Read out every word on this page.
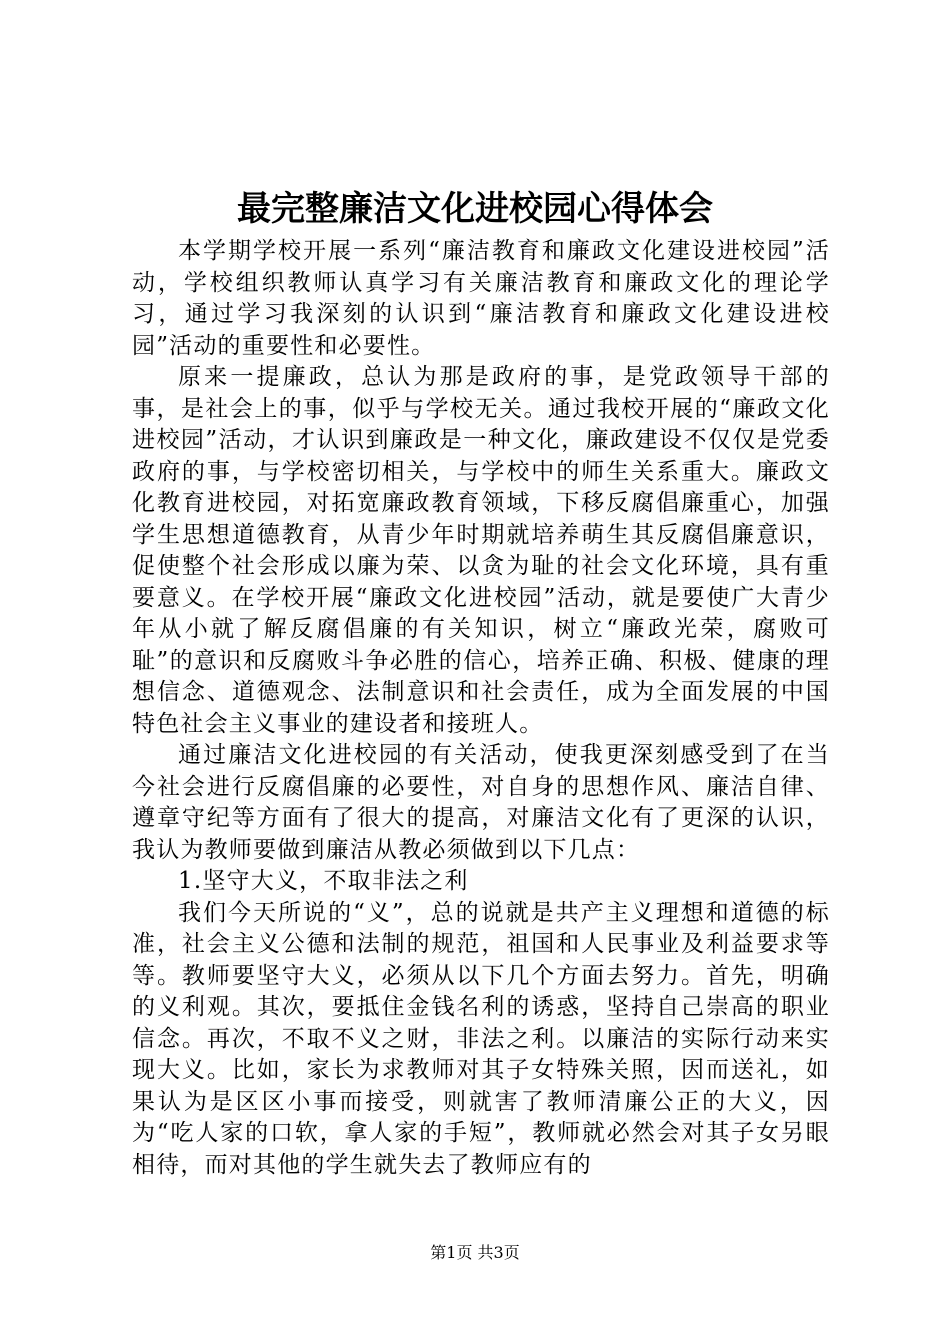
最完整廉洁文化进校园心得体会

本学期学校开展一系列“廉洁教育和廉政文化建设进校园”活动，学校组织教师认真学习有关廉洁教育和廉政文化的理论学习，通过学习我深刻的认识到“廉洁教育和廉政文化建设进校园”活动的重要性和必要性。

原来一提廉政，总认为那是政府的事，是党政领导干部的事，是社会上的事，似乎与学校无关。通过我校开展的“廉政文化进校园”活动，才认识到廉政是一种文化，廉政建设不仅仅是党委政府的事，与学校密切相关，与学校中的师生关系重大。廉政文化教育进校园，对拓宽廉政教育领域，下移反腐倡廉重心，加强学生思想道德教育，从青少年时期就培养萌生其反腐倡廉意识，促使整个社会形成以廉为荣、以贪为耻的社会文化环境，具有重要意义。在学校开展“廉政文化进校园”活动，就是要使广大青少年从小就了解反腐倡廉的有关知识，树立“廉政光荣，腐败可耻”的意识和反腐败斗争必胜的信心，培养正确、积极、健康的理想信念、道德观念、法制意识和社会责任，成为全面发展的中国特色社会主义事业的建设者和接班人。

通过廉洁文化进校园的有关活动，使我更深刻感受到了在当今社会进行反腐倡廉的必要性，对自身的思想作风、廉洁自律、遵章守纪等方面有了很大的提高，对廉洁文化有了更深的认识，我认为教师要做到廉洁从教必须做到以下几点：

1.坚守大义，不取非法之利

我们今天所说的“义”，总的说就是共产主义理想和道德的标准，社会主义公德和法制的规范，祖国和人民事业及利益要求等等。教师要坚守大义，必须从以下几个方面去努力。首先，明确的义利观。其次，要抵住金钱名利的诱惑，坚持自己崇高的职业信念。再次，不取不义之财，非法之利。以廉洁的实际行动来实现大义。比如，家长为求教师对其子女特殊关照，因而送礼，如果认为是区区小事而接受，则就害了教师清廉公正的大义，因为“吃人家的口软，拿人家的手短”，教师就必然会对其子女另眼相待，而对其他的学生就失去了教师应有的

第1页 共3页
